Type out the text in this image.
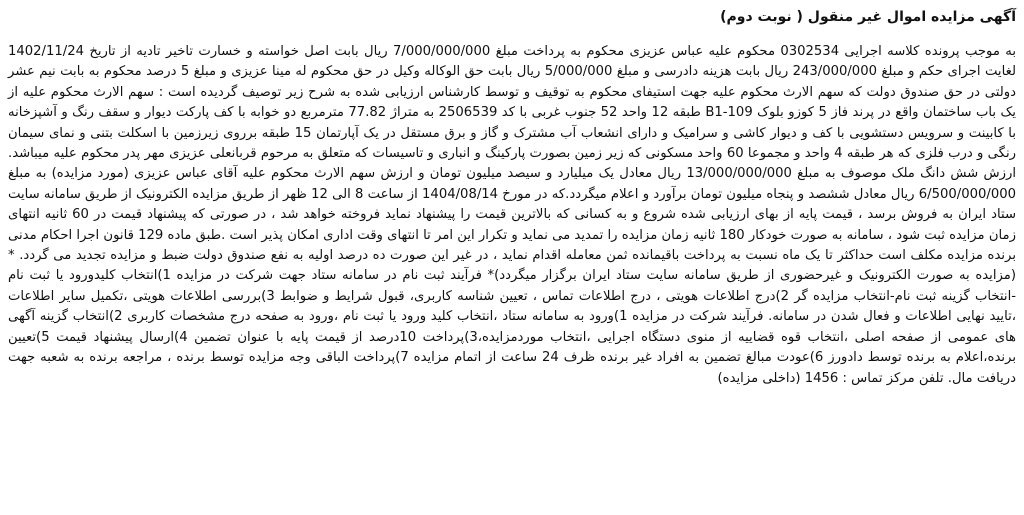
آگهی مزایده اموال غیر منقول ( نوبت دوم)

به موجب پرونده کلاسه اجرایی 0302534 محکوم علیه عباس عزیزی محکوم به پرداخت مبلغ 7/000/000/000 ریال بابت اصل خواسته و خسارت تاخیر تادیه از تاریخ 1402/11/24 لغایت اجرای حکم و مبلغ 243/000/000 ریال بابت هزینه دادرسی و مبلغ 5/000/000 ریال بابت حق الوکاله وکیل در حق محکوم له مینا عزیزی و مبلغ 5 درصد محکوم به بابت نیم عشر دولتی در حق صندوق دولت که سهم الارث محکوم علیه جهت استیفای محکوم به توقیف و توسط کارشناس ارزیابی شده به شرح زیر توصیف گردیده است : سهم الارث محکوم علیه از یک باب ساختمان واقع در پرند فاز 5 کوزو بلوک 109-B1 طبقه 12 واحد 52 جنوب غربی با کد 2506539 به متراژ 77.82 مترمربع دو خوابه با کف پارکت دیوار و سقف رنگ و آشپزخانه با کابینت و سرویس دستشویی با کف و دیوار کاشی و سرامیک و دارای انشعاب آب مشترک و گاز و برق مستقل در یک آپارتمان 15 طبقه برروی زیرزمین با اسکلت بتنی و نمای سیمان رنگی و درب فلزی که هر طبقه 4 واحد و مجموعا 60 واحد مسکونی که زیر زمین بصورت پارکینگ و انباری و تاسیسات که متعلق به مرحوم قربانعلی عزیزی مهر پدر محکوم علیه میباشد. ارزش شش دانگ ملک موصوف به مبلغ 13/000/000/000 ریال معادل یک میلیارد و سیصد میلیون تومان و ارزش سهم الارث محکوم علیه آقای عباس عزیزی (مورد مزایده) به مبلغ 6/500/000/000 ریال معادل ششصد و پنجاه میلیون تومان برآورد و اعلام میگردد.که در مورخ 1404/08/14 از ساعت 8 الی 12 ظهر از طریق مزایده الکترونیک از طریق سامانه سایت ستاد ایران به فروش برسد ، قیمت پایه از بهای ارزیابی شده شروع و به کسانی که بالاترین قیمت را پیشنهاد نماید فروخته خواهد شد ، در صورتی که پیشنهاد قیمت در 60 ثانیه انتهای زمان مزایده ثبت شود ، سامانه به صورت خودکار 180 ثانیه زمان مزایده را تمدید می نماید و تکرار این امر تا انتهای وقت اداری امکان پذیر است .طبق ماده 129 قانون اجرا احکام مدنی برنده مزایده مکلف است حداکثر تا یک ماه نسبت به پرداخت باقیمانده ثمن معامله اقدام نماید ، در غیر این صورت ده درصد اولیه به نفع صندوق دولت ضبط و مزایده تجدید می گردد. *(مزایده به صورت الکترونیک و غیرحضوری از طریق سامانه سایت ستاد ایران برگزار میگردد)* فرآیند ثبت نام در سامانه ستاد جهت شرکت در مزایده 1)انتخاب کلیدورود یا ثبت نام -انتخاب گزینه ثبت نام-انتخاب مزایده گر 2)درج اطلاعات هویتی ، درج اطلاعات تماس ، تعیین شناسه کاربری، قبول شرایط و ضوابط 3)بررسی اطلاعات هویتی ،تکمیل سایر اطلاعات ،تایید نهایی اطلاعات و فعال شدن در سامانه. فرآیند شرکت در مزایده 1)ورود به سامانه ستاد ،انتخاب کلید ورود یا ثبت نام ،ورود به صفحه درج مشخصات کاربری 2)انتخاب گزینه آگهی های عمومی از صفحه اصلی ،انتخاب قوه قضاییه از منوی دستگاه اجرایی ،انتخاب موردمزایده،3)پرداخت 10درصد از قیمت پایه با عنوان تضمین 4)ارسال پیشنهاد قیمت 5)تعیین برنده،اعلام به برنده توسط دادورز 6)عودت مبالغ تضمین به افراد غیر برنده ظرف 24 ساعت از اتمام مزایده 7)پرداخت الباقی وجه مزایده توسط برنده ، مراجعه برنده به شعبه جهت دریافت مال. تلفن مرکز تماس : 1456 (داخلی مزایده)
